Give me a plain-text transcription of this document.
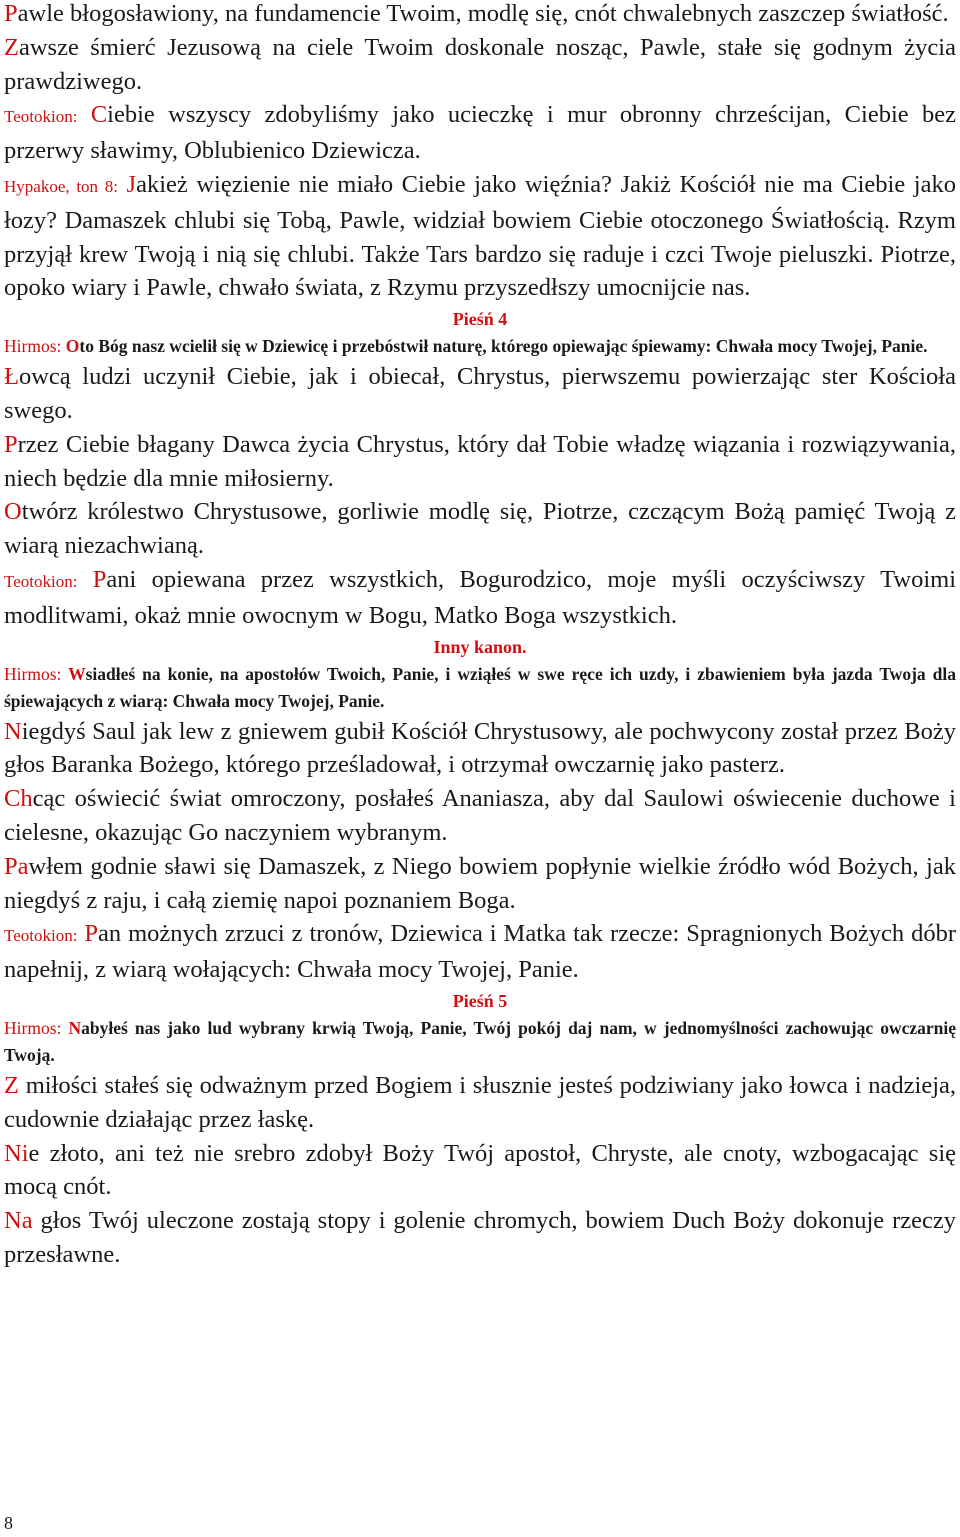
Pawle błogosławiony, na fundamencie Twoim, modlę się, cnót chwalebnych zaszczep światłość.

Zawsze śmierć Jezusową na ciele Twoim doskonale nosząc, Pawle, stałe się godnym życia prawdziwego.

Teotokion: Ciebie wszyscy zdobyliśmy jako ucieczkę i mur obronny chrześcijan, Ciebie bez przerwy sławimy, Oblubienico Dziewicza.

Hypakoe, ton 8: Jakież więzienie nie miało Ciebie jako więźnia? Jakiż Kościół nie ma Ciebie jako łozy? Damaszek chlubi się Tobą, Pawle, widział bowiem Ciebie otoczonego Światłością. Rzym przyjął krew Twoją i nią się chlubi. Także Tars bardzo się raduje i czci Twoje pieluszki. Piotrze, opoko wiary i Pawle, chwało świata, z Rzymu przyszedłszy umocnijcie nas.

Pieśń 4

Hirmos: Oto Bóg nasz wcielił się w Dziewicę i przebóstwił naturę, którego opiewając śpiewamy: Chwała mocy Twojej, Panie.

Łowcą ludzi uczynił Ciebie, jak i obiecał, Chrystus, pierwszemu powierzając ster Kościoła swego.

Przez Ciebie błagany Dawca życia Chrystus, który dał Tobie władzę wiązania i rozwiązywania, niech będzie dla mnie miłosierny.

Otwórz królestwo Chrystusowe, gorliwie modlę się, Piotrze, czczącym Bożą pamięć Twoją z wiarą niezachwianą.

Teotokion: Pani opiewana przez wszystkich, Bogurodzico, moje myśli oczyściwszy Twoimi modlitwami, okaż mnie owocnym w Bogu, Matko Boga wszystkich.

Inny kanon.

Hirmos: Wsiadłeś na konie, na apostołów Twoich, Panie, i wziąłeś w swe ręce ich uzdy, i zbawieniem była jazda Twoja dla śpiewających z wiarą: Chwała mocy Twojej, Panie.

Niegdyś Saul jak lew z gniewem gubił Kościół Chrystusowy, ale pochwycony został przez Boży głos Baranka Bożego, którego prześladował, i otrzymał owczarnię jako pasterz.

Chcąc oświecić świat omroczony, posłałeś Ananiasza, aby dal Saulowi oświecenie duchowe i cielesne, okazując Go naczyniem wybranym.

Pawłem godnie sławi się Damaszek, z Niego bowiem popłynie wielkie źródło wód Bożych, jak niegdyś z raju, i całą ziemię napoi poznaniem Boga.

Teotokion: Pan możnych zrzuci z tronów, Dziewica i Matka tak rzecze: Spragnionych Bożych dóbr napełnij, z wiarą wołających: Chwała mocy Twojej, Panie.

Pieśń 5

Hirmos: Nabyłeś nas jako lud wybrany krwią Twoją, Panie, Twój pokój daj nam, w jednomyślności zachowując owczarnię Twoją.

Z miłości stałeś się odważnym przed Bogiem i słusznie jesteś podziwiany jako łowca i nadzieja, cudownie działając przez łaskę.

Nie złoto, ani też nie srebro zdobył Boży Twój apostoł, Chryste, ale cnoty, wzbogacając się mocą cnót.

Na głos Twój uleczone zostają stopy i golenie chromych, bowiem Duch Boży dokonuje rzeczy przesławne.

8
